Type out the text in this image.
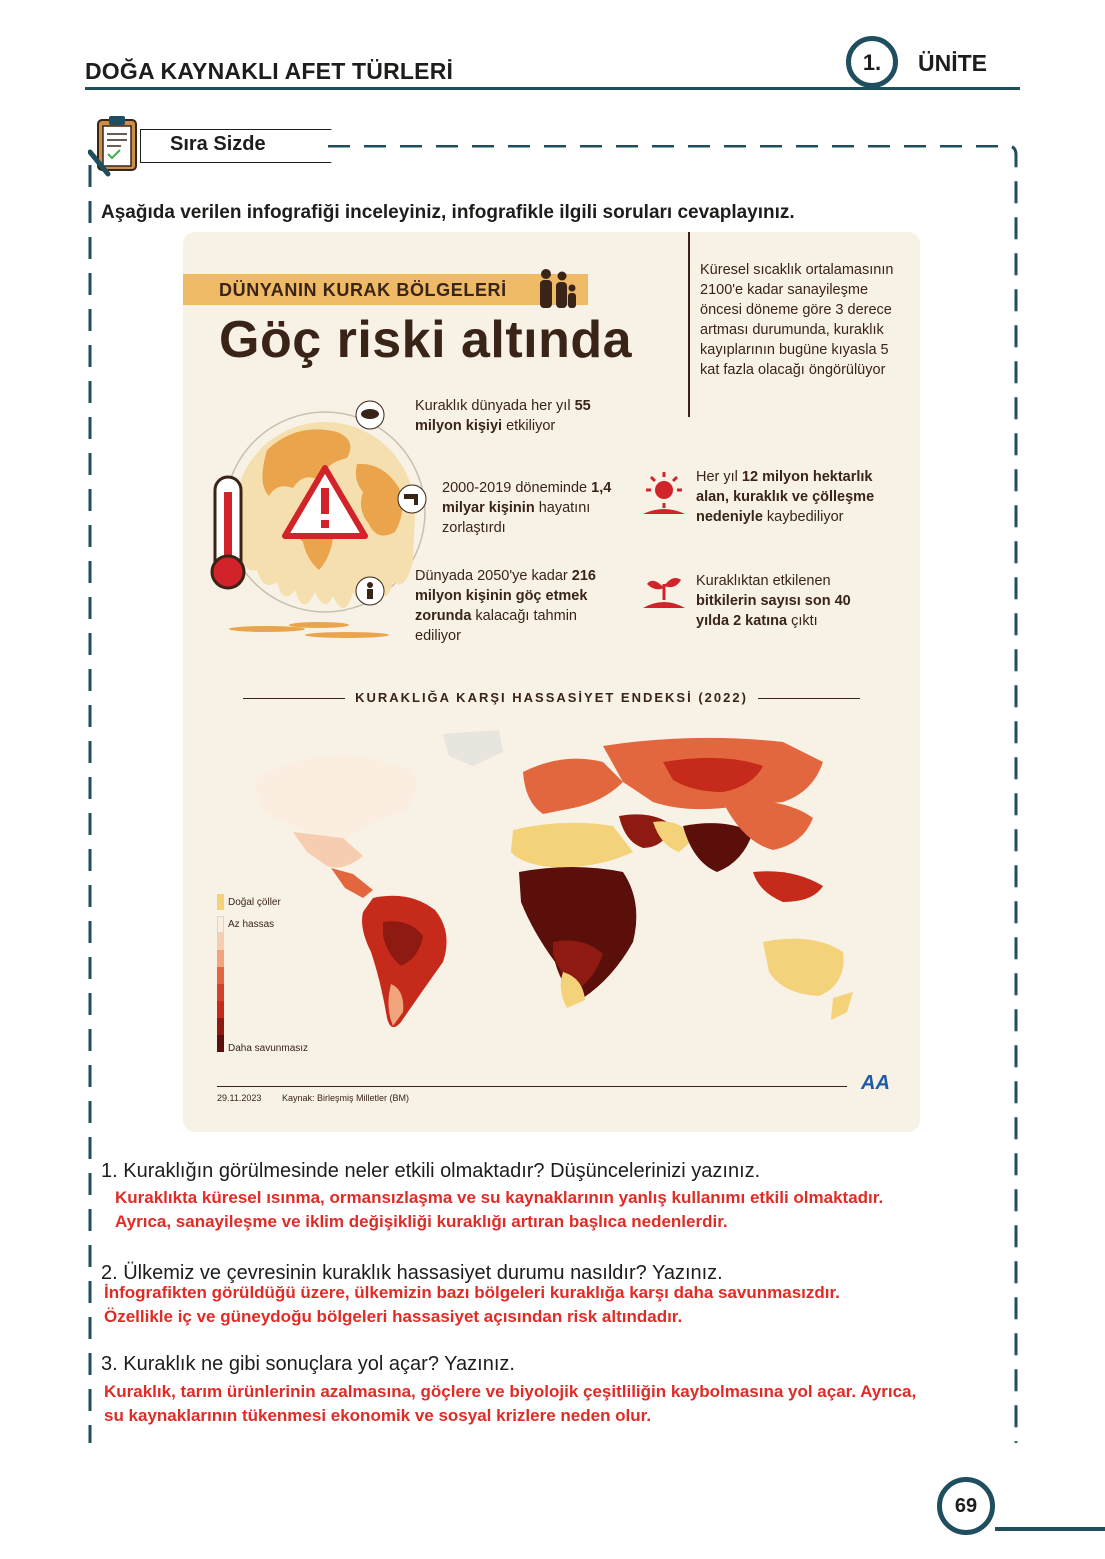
DOĞA KAYNAKLI AFET TÜRLERİ	1.	ÜNİTE
Sıra Sizde
Aşağıda verilen infografiği inceleyiniz, infografikle ilgili soruları cevaplayınız.
DÜNYANIN KURAK BÖLGELERİ
Göç riski altında
Küresel sıcaklık ortalamasının 2100'e kadar sanayileşme öncesi döneme göre 3 derece artması durumunda, kuraklık kayıplarının bugüne kıyasla 5 kat fazla olacağı öngörülüyor
Kuraklık dünyada her yıl 55 milyon kişiyi etkiliyor
2000-2019 döneminde 1,4 milyar kişinin hayatını zorlaştırdı
Dünyada 2050'ye kadar 216 milyon kişinin göç etmek zorunda kalacağı tahmin ediliyor
Her yıl 12 milyon hektarlık alan, kuraklık ve çölleşme nedeniyle kaybediliyor
Kuraklıktan etkilenen bitkilerin sayısı son 40 yılda 2 katına çıktı
KURAKLIĞA KARŞI HASSASİYET ENDEKSİ (2022)
Doğal çöller
Az hassas
Daha savunmasız
29.11.2023 Kaynak: Birleşmiş Milletler (BM)
AA
1. Kuraklığın görülmesinde neler etkili olmaktadır? Düşüncelerinizi yazınız.
Kuraklıkta küresel ısınma, ormansızlaşma ve su kaynaklarının yanlış kullanımı etkili olmaktadır.
Ayrıca, sanayileşme ve iklim değişikliği kuraklığı artıran başlıca nedenlerdir.
2. Ülkemiz ve çevresinin kuraklık hassasiyet durumu nasıldır? Yazınız.
İnfografikten görüldüğü üzere, ülkemizin bazı bölgeleri kuraklığa karşı daha savunmasızdır.
Özellikle iç ve güneydoğu bölgeleri hassasiyet açısından risk altındadır.
3. Kuraklık ne gibi sonuçlara yol açar? Yazınız.
Kuraklık, tarım ürünlerinin azalmasına, göçlere ve biyolojik çeşitliliğin kaybolmasına yol açar. Ayrıca,
su kaynaklarının tükenmesi ekonomik ve sosyal krizlere neden olur.
69
